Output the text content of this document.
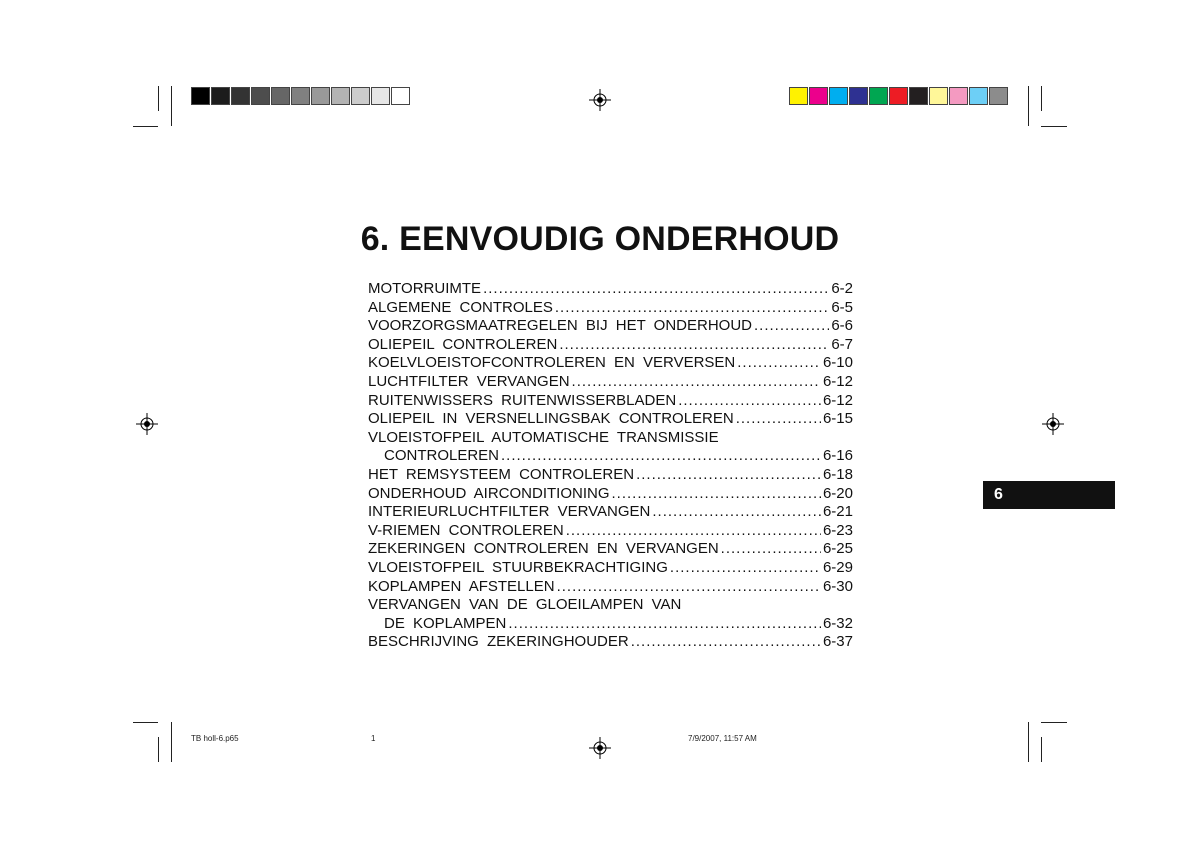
6. EENVOUDIG ONDERHOUD
MOTORRUIMTE .....	6-2
ALGEMENE CONTROLES .....	6-5
VOORZORGSMAATREGELEN BIJ HET ONDERHOUD .....	6-6
OLIEPEIL CONTROLEREN .....	6-7
KOELVLOEISTOFCONTROLEREN EN VERVERSEN .....	6-10
LUCHTFILTER VERVANGEN .....	6-12
RUITENWISSERS RUITENWISSERBLADEN .....	6-12
OLIEPEIL IN VERSNELLINGSBAK CONTROLEREN .....	6-15
VLOEISTOFPEIL AUTOMATISCHE TRANSMISSIE
CONTROLEREN .....	6-16
HET REMSYSTEEM CONTROLEREN .....	6-18
ONDERHOUD AIRCONDITIONING .....	6-20
INTERIEURLUCHTFILTER VERVANGEN .....	6-21
V-RIEMEN CONTROLEREN .....	6-23
ZEKERINGEN CONTROLEREN EN VERVANGEN .....	6-25
VLOEISTOFPEIL STUURBEKRACHTIGING .....	6-29
KOPLAMPEN AFSTELLEN .....	6-30
VERVANGEN VAN DE GLOEILAMPEN VAN
DE KOPLAMPEN .....	6-32
BESCHRIJVING ZEKERINGHOUDER .....	6-37
6
TB holl-6.p65	1	7/9/2007, 11:57 AM
